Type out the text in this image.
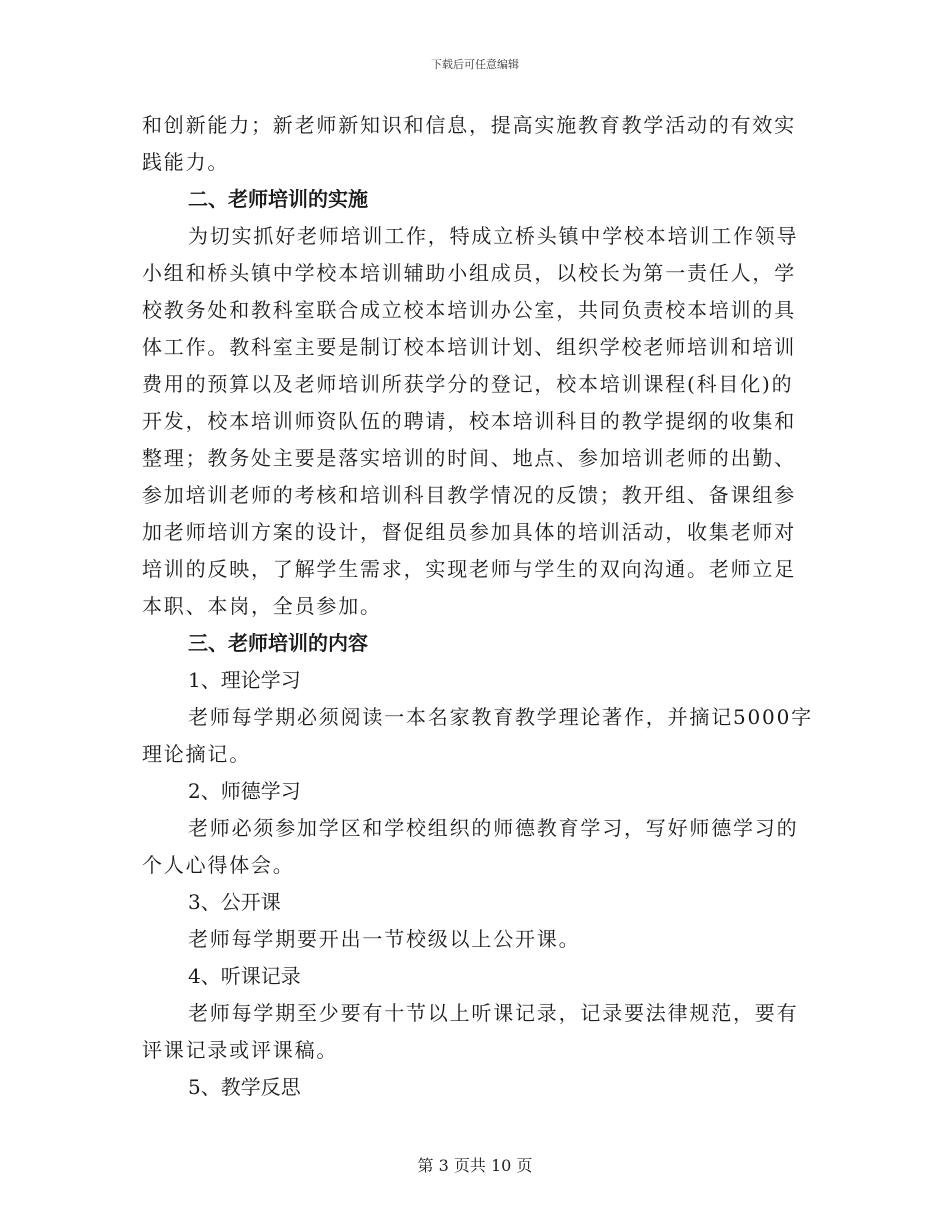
下载后可任意编辑
和创新能力；新老师新知识和信息，提高实施教育教学活动的有效实
践能力。
二、老师培训的实施
为切实抓好老师培训工作，特成立桥头镇中学校本培训工作领导
小组和桥头镇中学校本培训辅助小组成员，以校长为第一责任人，学
校教务处和教科室联合成立校本培训办公室，共同负责校本培训的具
体工作。教科室主要是制订校本培训计划、组织学校老师培训和培训
费用的预算以及老师培训所获学分的登记，校本培训课程(科目化)的
开发，校本培训师资队伍的聘请，校本培训科目的教学提纲的收集和
整理；教务处主要是落实培训的时间、地点、参加培训老师的出勤、
参加培训老师的考核和培训科目教学情况的反馈；教开组、备课组参
加老师培训方案的设计，督促组员参加具体的培训活动，收集老师对
培训的反映，了解学生需求，实现老师与学生的双向沟通。老师立足
本职、本岗，全员参加。
三、老师培训的内容
1、理论学习
老师每学期必须阅读一本名家教育教学理论著作，并摘记5000字
理论摘记。
2、师德学习
老师必须参加学区和学校组织的师德教育学习，写好师德学习的
个人心得体会。
3、公开课
老师每学期要开出一节校级以上公开课。
4、听课记录
老师每学期至少要有十节以上听课记录，记录要法律规范，要有
评课记录或评课稿。
5、教学反思
第 3 页共 10 页
